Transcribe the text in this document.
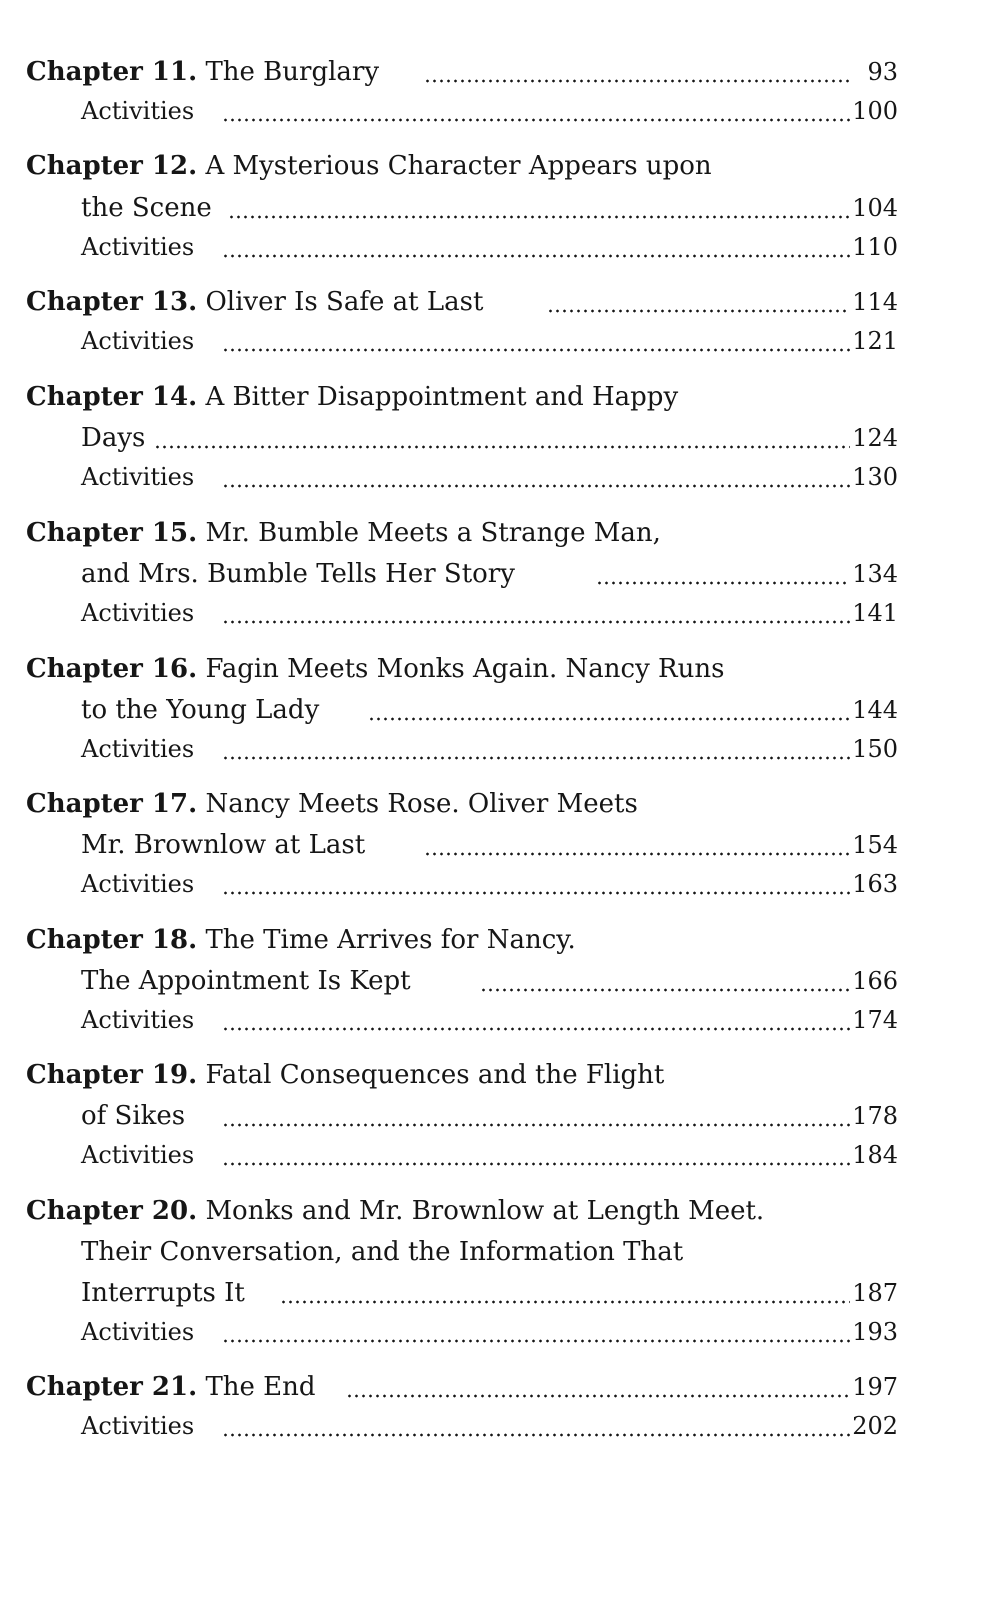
Chapter 11. The Burglary	93
Activities	100
Chapter 12. A Mysterious Character Appears upon
the Scene	104
Activities	110
Chapter 13. Oliver Is Safe at Last	114
Activities	121
Chapter 14. A Bitter Disappointment and Happy
Days	124
Activities	130
Chapter 15. Mr. Bumble Meets a Strange Man,
and Mrs. Bumble Tells Her Story	134
Activities	141
Chapter 16. Fagin Meets Monks Again. Nancy Runs
to the Young Lady	144
Activities	150
Chapter 17. Nancy Meets Rose. Oliver Meets
Mr. Brownlow at Last	154
Activities	163
Chapter 18. The Time Arrives for Nancy.
The Appointment Is Kept	166
Activities	174
Chapter 19. Fatal Consequences and the Flight
of Sikes	178
Activities	184
Chapter 20. Monks and Mr. Brownlow at Length Meet.
Their Conversation, and the Information That
Interrupts It	187
Activities	193
Chapter 21. The End	197
Activities	202
